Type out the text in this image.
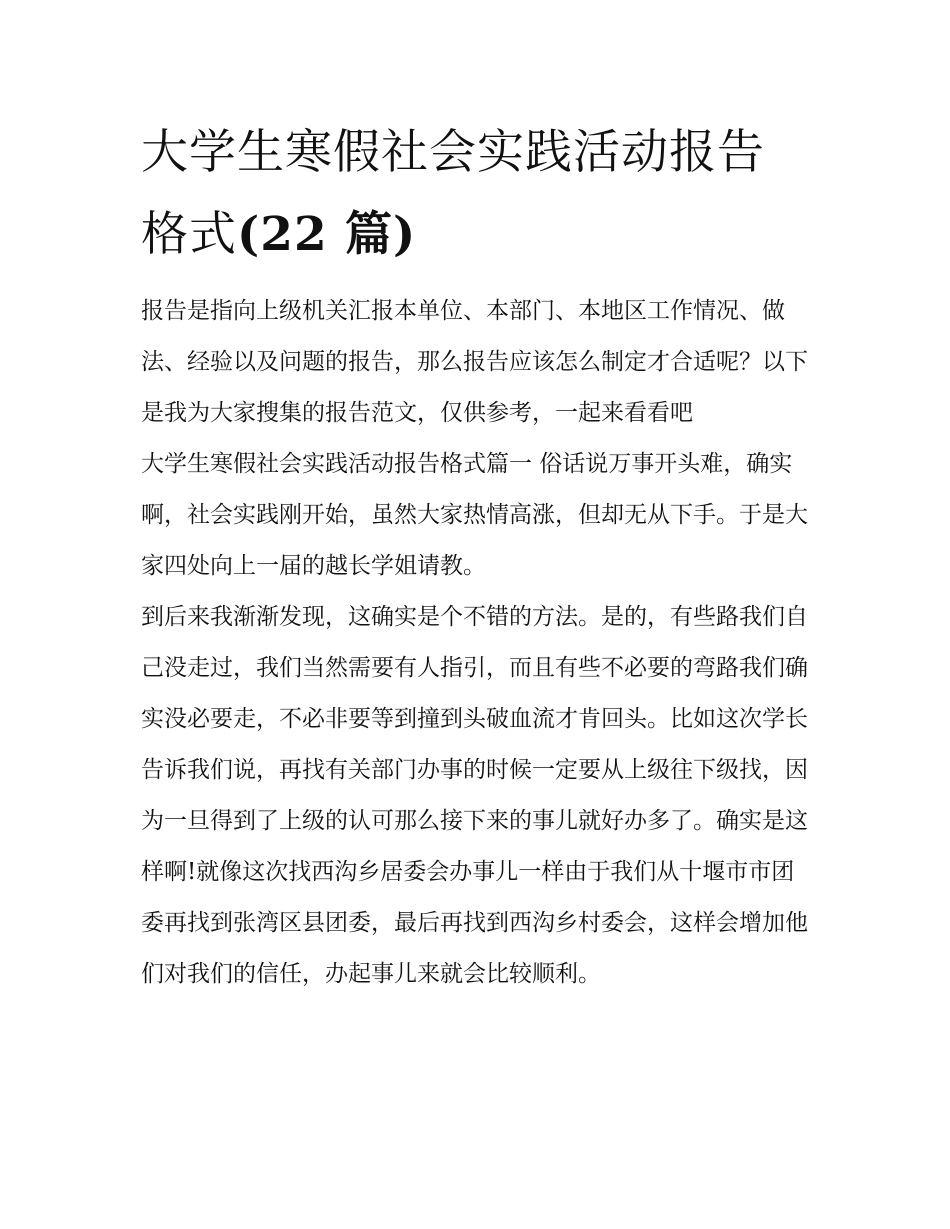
大学生寒假社会实践活动报告
格式(22 篇)

报告是指向上级机关汇报本单位、本部门、本地区工作情况、做法、经验以及问题的报告，那么报告应该怎么制定才合适呢？以下是我为大家搜集的报告范文，仅供参考，一起来看看吧

大学生寒假社会实践活动报告格式篇一 俗话说万事开头难，确实啊，社会实践刚开始，虽然大家热情高涨，但却无从下手。于是大家四处向上一届的越长学姐请教。

到后来我渐渐发现，这确实是个不错的方法。是的，有些路我们自己没走过，我们当然需要有人指引，而且有些不必要的弯路我们确实没必要走，不必非要等到撞到头破血流才肯回头。比如这次学长告诉我们说，再找有关部门办事的时候一定要从上级往下级找，因为一旦得到了上级的认可那么接下来的事儿就好办多了。确实是这样啊!就像这次找西沟乡居委会办事儿一样由于我们从十堰市市团委再找到张湾区县团委，最后再找到西沟乡村委会，这样会增加他们对我们的信任，办起事儿来就会比较顺利。
